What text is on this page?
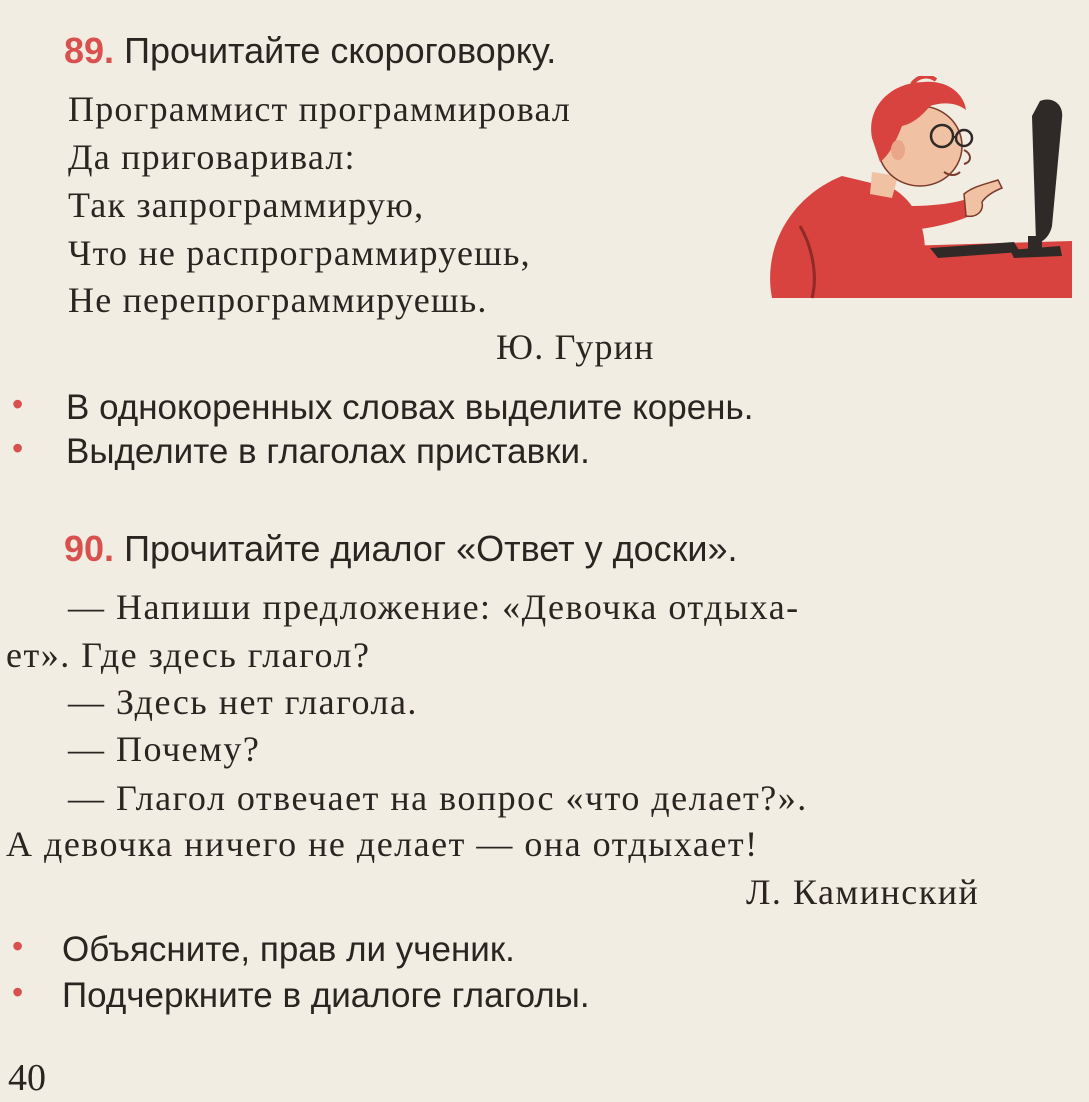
89. Прочитайте скороговорку.
Программист программировал
Да приговаривал:
Так запрограммирую,
Что не распрограммируешь,
Не перепрограммируешь.
Ю. Гурин
• В однокоренных словах выделите корень.
• Выделите в глаголах приставки.
90. Прочитайте диалог «Ответ у доски».
— Напиши предложение: «Девочка отдыха-
ет». Где здесь глагол?
— Здесь нет глагола.
— Почему?
— Глагол отвечает на вопрос «что делает?».
А девочка ничего не делает — она отдыхает!
Л. Каминский
• Объясните, прав ли ученик.
• Подчеркните в диалоге глаголы.
40
